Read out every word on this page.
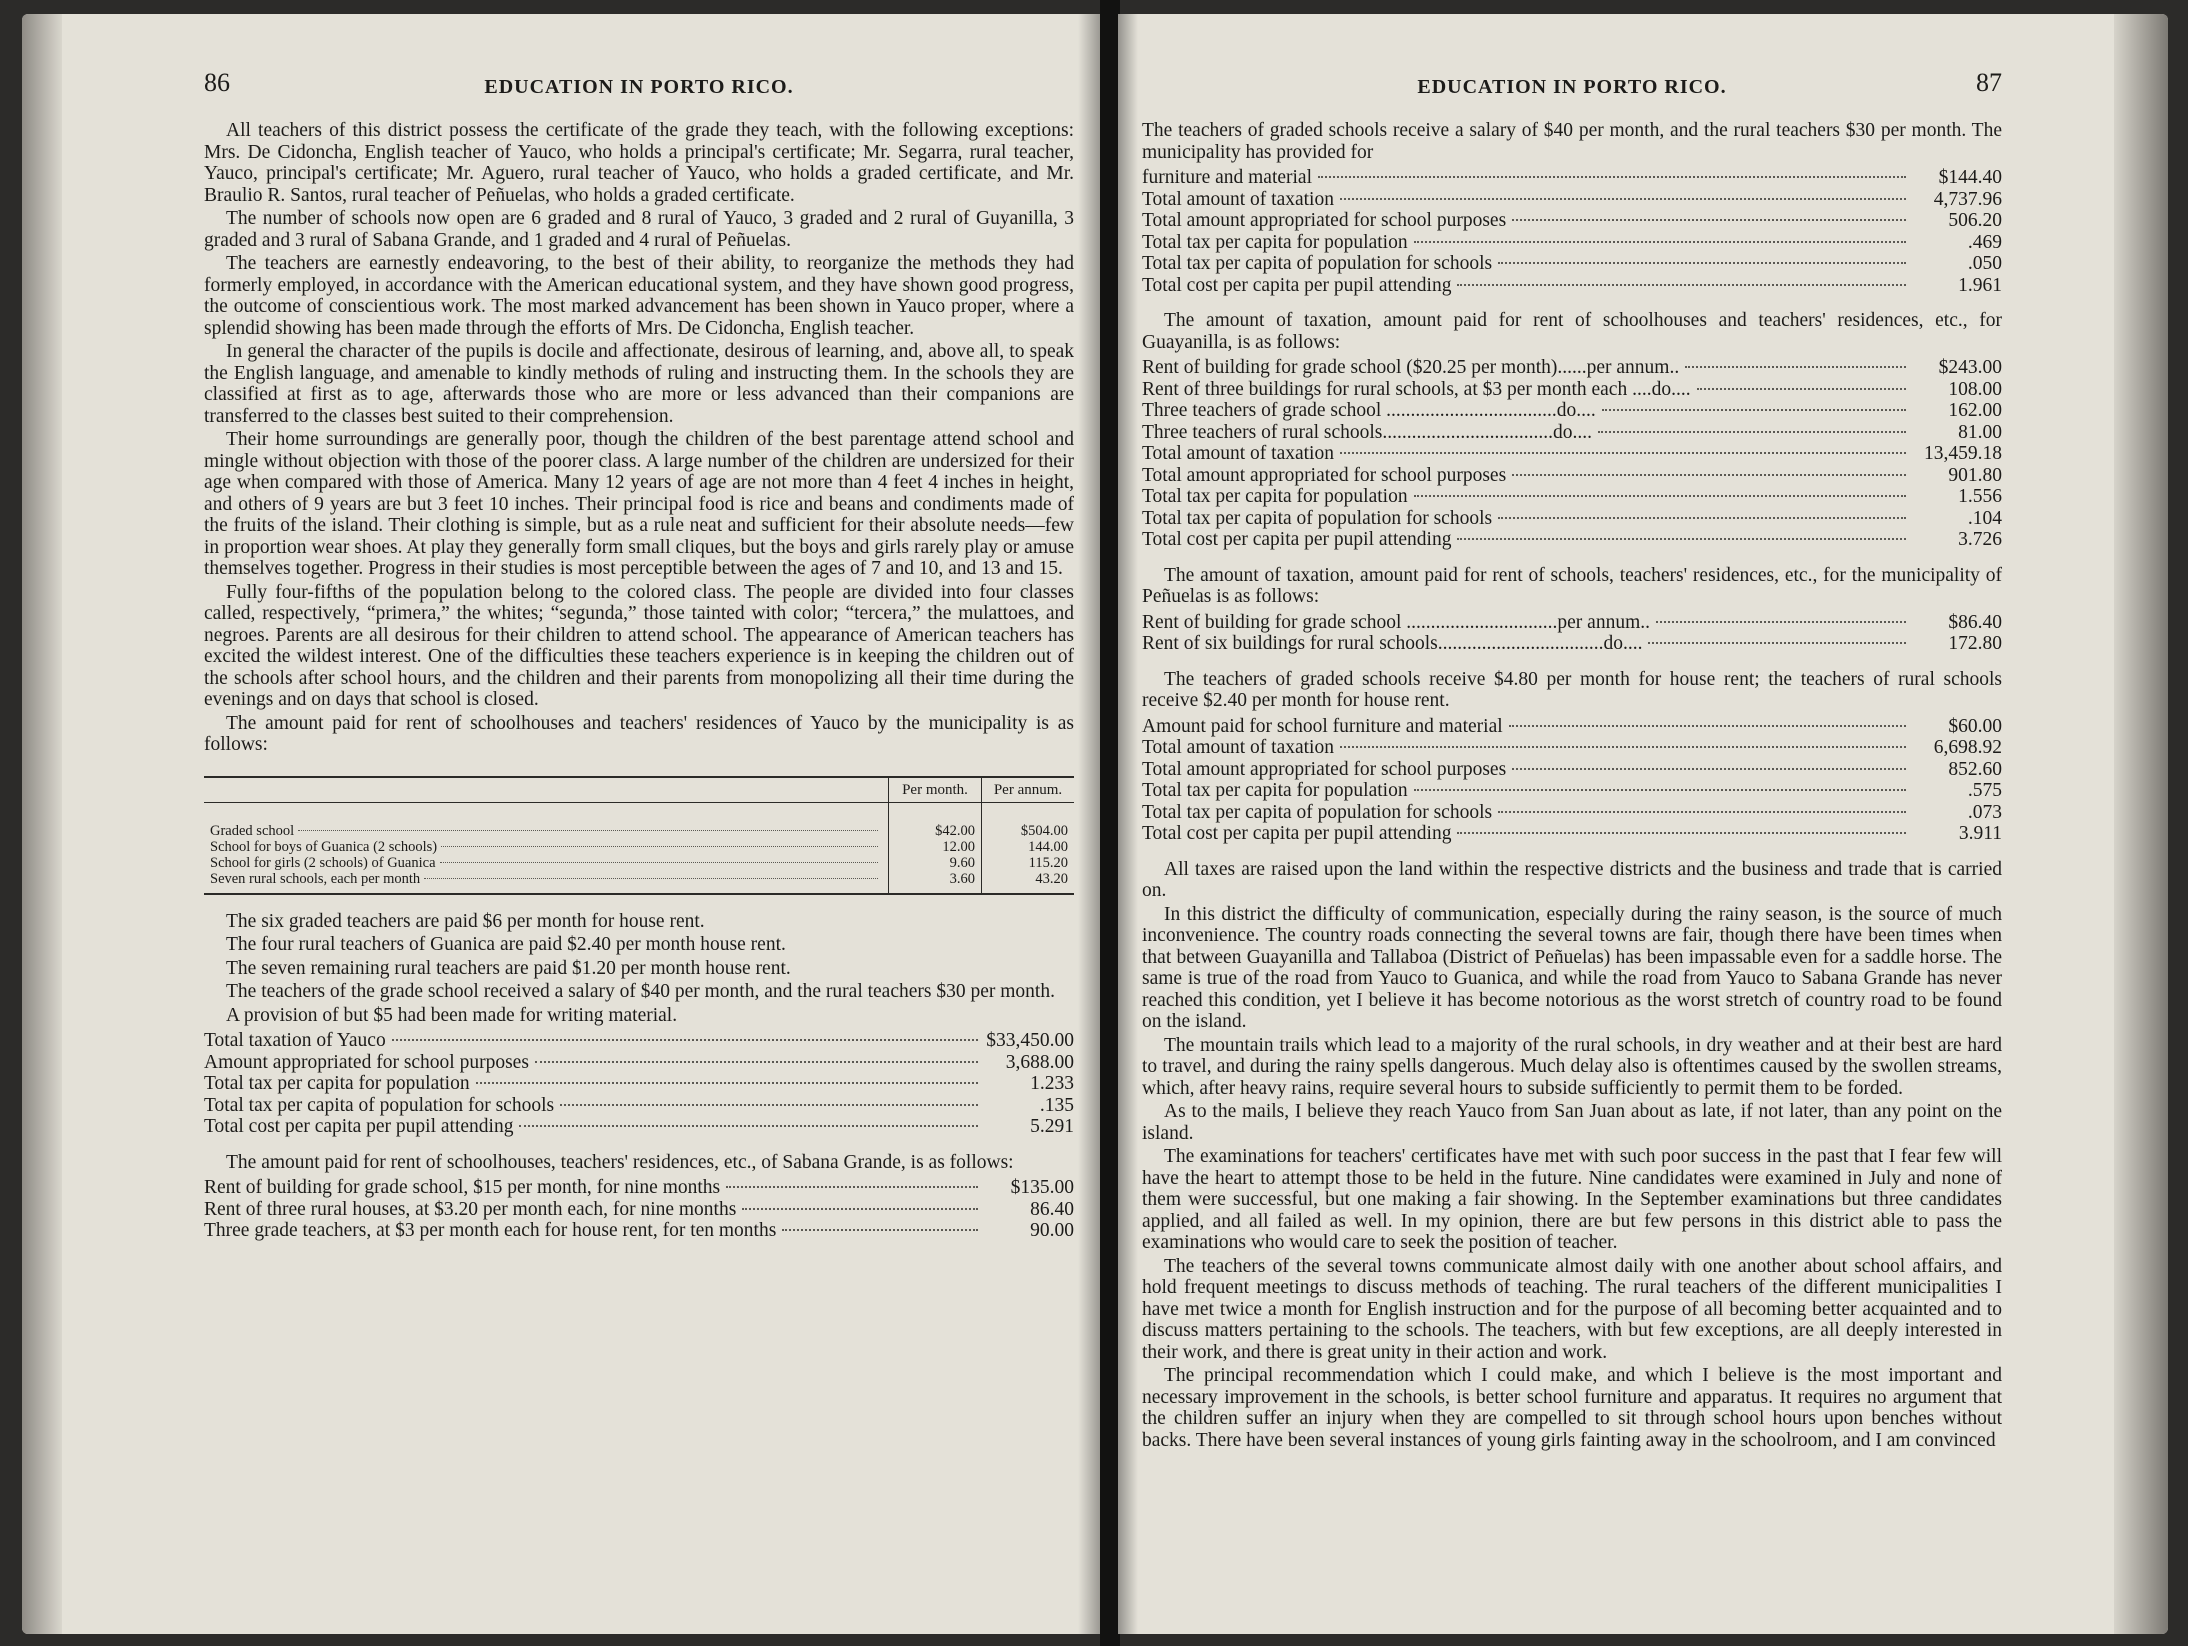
86	EDUCATION IN PORTO RICO.

All teachers of this district possess the certificate of the grade they teach, with the following exceptions: Mrs. De Cidoncha, English teacher of Yauco, who holds a principal's certificate; Mr. Segarra, rural teacher, Yauco, principal's certificate; Mr. Aguero, rural teacher of Yauco, who holds a graded certificate, and Mr. Braulio R. Santos, rural teacher of Peñuelas, who holds a graded certificate.

The number of schools now open are 6 graded and 8 rural of Yauco, 3 graded and 2 rural of Guyanilla, 3 graded and 3 rural of Sabana Grande, and 1 graded and 4 rural of Peñuelas.

The teachers are earnestly endeavoring, to the best of their ability, to reorganize the methods they had formerly employed, in accordance with the American educational system, and they have shown good progress, the outcome of conscientious work. The most marked advancement has been shown in Yauco proper, where a splendid showing has been made through the efforts of Mrs. De Cidoncha, English teacher.

In general the character of the pupils is docile and affectionate, desirous of learning, and, above all, to speak the English language, and amenable to kindly methods of ruling and instructing them. In the schools they are classified at first as to age, afterwards those who are more or less advanced than their companions are transferred to the classes best suited to their comprehension.

Their home surroundings are generally poor, though the children of the best parentage attend school and mingle without objection with those of the poorer class. A large number of the children are undersized for their age when compared with those of America. Many 12 years of age are not more than 4 feet 4 inches in height, and others of 9 years are but 3 feet 10 inches. Their principal food is rice and beans and condiments made of the fruits of the island. Their clothing is simple, but as a rule neat and sufficient for their absolute needs—few in proportion wear shoes. At play they generally form small cliques, but the boys and girls rarely play or amuse themselves together. Progress in their studies is most perceptible between the ages of 7 and 10, and 13 and 15.

Fully four-fifths of the population belong to the colored class. The people are divided into four classes called, respectively, “primera,” the whites; “segunda,” those tainted with color; “tercera,” the mulattoes, and negroes. Parents are all desirous for their children to attend school. The appearance of American teachers has excited the wildest interest. One of the difficulties these teachers experience is in keeping the children out of the schools after school hours, and the children and their parents from monopolizing all their time during the evenings and on days that school is closed.

The amount paid for rent of schoolhouses and teachers' residences of Yauco by the municipality is as follows:

	Per month.	Per annum.

Graded school	$42.00	$504.00

School for boys of Guanica (2 schools)	12.00	144.00

School for girls (2 schools) of Guanica	9.60	115.20

Seven rural schools, each per month	3.60	43.20

The six graded teachers are paid $6 per month for house rent.

The four rural teachers of Guanica are paid $2.40 per month house rent.

The seven remaining rural teachers are paid $1.20 per month house rent.

The teachers of the grade school received a salary of $40 per month, and the rural teachers $30 per month.

A provision of but $5 had been made for writing material.

Total taxation of Yauco	$33,450.00
Amount appropriated for school purposes	3,688.00
Total tax per capita for population	1.233
Total tax per capita of population for schools	.135
Total cost per capita per pupil attending	5.291

The amount paid for rent of schoolhouses, teachers' residences, etc., of Sabana Grande, is as follows:

Rent of building for grade school, $15 per month, for nine months	$135.00
Rent of three rural houses, at $3.20 per month each, for nine months	86.40
Three grade teachers, at $3 per month each for house rent, for ten months	90.00
EDUCATION IN PORTO RICO.	87

The teachers of graded schools receive a salary of $40 per month, and the rural teachers $30 per month. The municipality has provided for

furniture and material	$144.40
Total amount of taxation	4,737.96
Total amount appropriated for school purposes	506.20
Total tax per capita for population	.469
Total tax per capita of population for schools	.050
Total cost per capita per pupil attending	1.961

The amount of taxation, amount paid for rent of schoolhouses and teachers' residences, etc., for Guayanilla, is as follows:

Rent of building for grade school ($20.25 per month)......per annum..	$243.00
Rent of three buildings for rural schools, at $3 per month each ....do....	108.00
Three teachers of grade school ...................................do....	162.00
Three teachers of rural schools...................................do....	81.00
Total amount of taxation	13,459.18
Total amount appropriated for school purposes	901.80
Total tax per capita for population	1.556
Total tax per capita of population for schools	.104
Total cost per capita per pupil attending	3.726

The amount of taxation, amount paid for rent of schools, teachers' residences, etc., for the municipality of Peñuelas is as follows:

Rent of building for grade school ...............................per annum..	$86.40
Rent of six buildings for rural schools..................................do....	172.80

The teachers of graded schools receive $4.80 per month for house rent; the teachers of rural schools receive $2.40 per month for house rent.

Amount paid for school furniture and material	$60.00
Total amount of taxation	6,698.92
Total amount appropriated for school purposes	852.60
Total tax per capita for population	.575
Total tax per capita of population for schools	.073
Total cost per capita per pupil attending	3.911

All taxes are raised upon the land within the respective districts and the business and trade that is carried on.

In this district the difficulty of communication, especially during the rainy season, is the source of much inconvenience. The country roads connecting the several towns are fair, though there have been times when that between Guayanilla and Tallaboa (District of Peñuelas) has been impassable even for a saddle horse. The same is true of the road from Yauco to Guanica, and while the road from Yauco to Sabana Grande has never reached this condition, yet I believe it has become notorious as the worst stretch of country road to be found on the island.

The mountain trails which lead to a majority of the rural schools, in dry weather and at their best are hard to travel, and during the rainy spells dangerous. Much delay also is oftentimes caused by the swollen streams, which, after heavy rains, require several hours to subside sufficiently to permit them to be forded.

As to the mails, I believe they reach Yauco from San Juan about as late, if not later, than any point on the island.

The examinations for teachers' certificates have met with such poor success in the past that I fear few will have the heart to attempt those to be held in the future. Nine candidates were examined in July and none of them were successful, but one making a fair showing. In the September examinations but three candidates applied, and all failed as well. In my opinion, there are but few persons in this district able to pass the examinations who would care to seek the position of teacher.

The teachers of the several towns communicate almost daily with one another about school affairs, and hold frequent meetings to discuss methods of teaching. The rural teachers of the different municipalities I have met twice a month for English instruction and for the purpose of all becoming better acquainted and to discuss matters pertaining to the schools. The teachers, with but few exceptions, are all deeply interested in their work, and there is great unity in their action and work.

The principal recommendation which I could make, and which I believe is the most important and necessary improvement in the schools, is better school furniture and apparatus. It requires no argument that the children suffer an injury when they are compelled to sit through school hours upon benches without backs. There have been several instances of young girls fainting away in the schoolroom, and I am convinced
